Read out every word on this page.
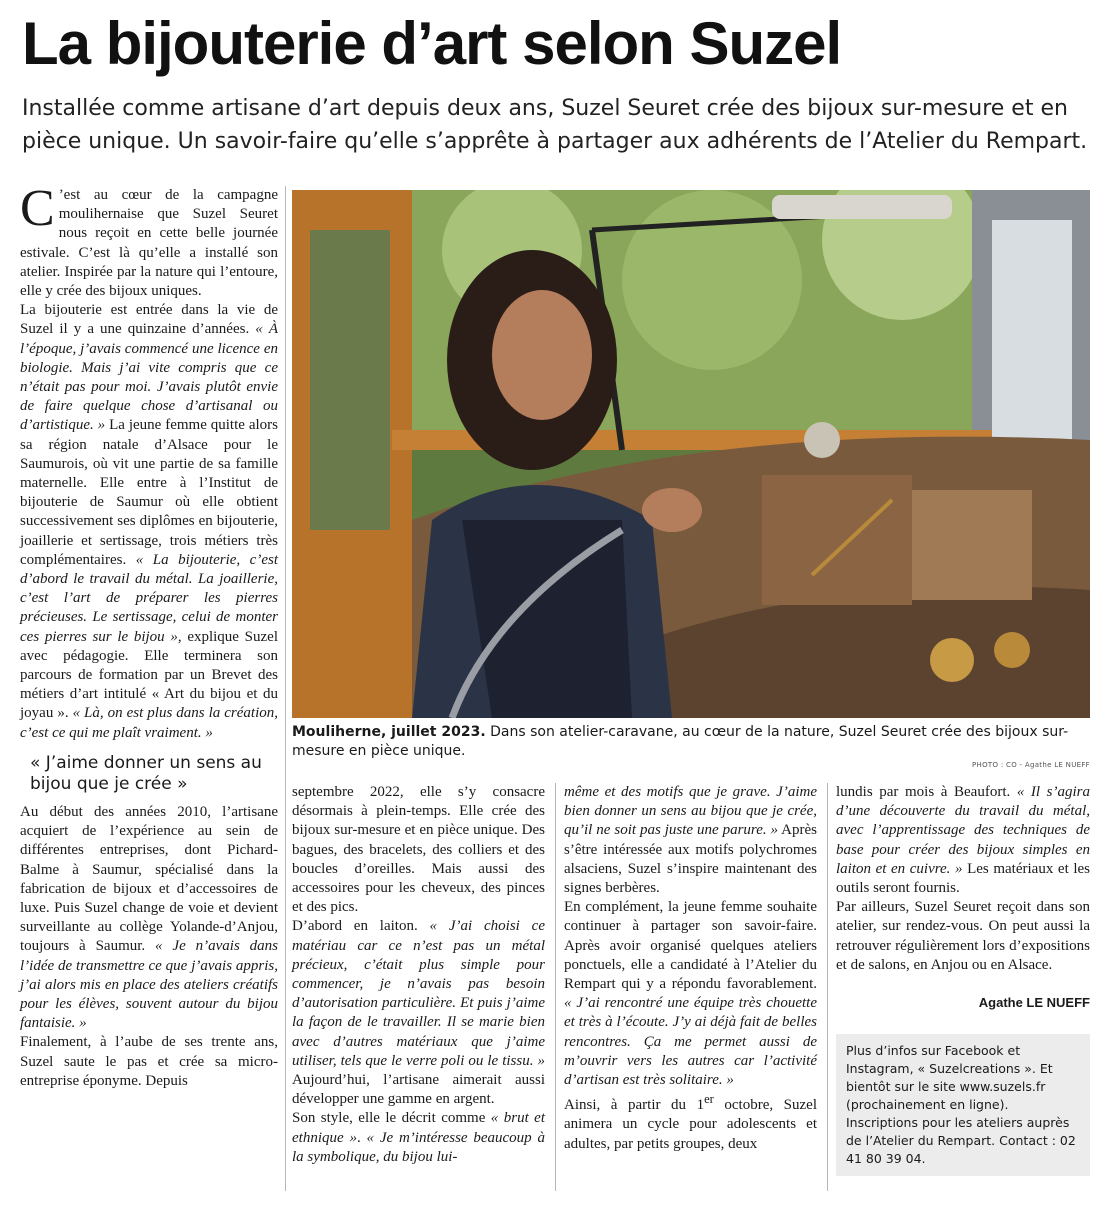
La bijouterie d’art selon Suzel
Installée comme artisane d’art depuis deux ans, Suzel Seuret crée des bijoux sur-mesure et en pièce unique. Un savoir-faire qu’elle s’apprête à partager aux adhérents de l’Atelier du Rempart.

C ’est au cœur de la campagne moulihernaise que Suzel Seuret nous reçoit en cette belle journée estivale. C’est là qu’elle a installé son atelier. Inspirée par la nature qui l’entoure, elle y crée des bijoux uniques.

La bijouterie est entrée dans la vie de Suzel il y a une quinzaine d’années. « À l’époque, j’avais commencé une licence en biologie. Mais j’ai vite compris que ce n’était pas pour moi. J’avais plutôt envie de faire quelque chose d’artisanal ou d’artistique. » La jeune femme quitte alors sa région natale d’Alsace pour le Saumurois, où vit une partie de sa famille maternelle. Elle entre à l’Institut de bijouterie de Saumur où elle obtient successivement ses diplômes en bijouterie, joaillerie et sertissage, trois métiers très complémentaires. « La bijouterie, c’est d’abord le travail du métal. La joaillerie, c’est l’art de préparer les pierres précieuses. Le sertissage, celui de monter ces pierres sur le bijou », explique Suzel avec pédagogie. Elle terminera son parcours de formation par un Brevet des métiers d’art intitulé « Art du bijou et du joyau ». « Là, on est plus dans la création, c’est ce qui me plaît vraiment. »

« J’aime donner un sens au bijou que je crée »

Au début des années 2010, l’artisane acquiert de l’expérience au sein de différentes entreprises, dont Pichard-Balme à Saumur, spécialisé dans la fabrication de bijoux et d’accessoires de luxe. Puis Suzel change de voie et devient surveillante au collège Yolande-d’Anjou, toujours à Saumur. « Je n’avais dans l’idée de transmettre ce que j’avais appris, j’ai alors mis en place des ateliers créatifs pour les élèves, souvent autour du bijou fantaisie. »

Finalement, à l’aube de ses trente ans, Suzel saute le pas et crée sa micro-entreprise éponyme. Depuis

Mouliherne, juillet 2023. Dans son atelier-caravane, au cœur de la nature, Suzel Seuret crée des bijoux sur-mesure en pièce unique.
PHOTO : CO - Agathe LE NUEFF

septembre 2022, elle s’y consacre désormais à plein-temps. Elle crée des bijoux sur-mesure et en pièce unique. Des bagues, des bracelets, des colliers et des boucles d’oreilles. Mais aussi des accessoires pour les cheveux, des pinces et des pics.

D’abord en laiton. « J’ai choisi ce matériau car ce n’est pas un métal précieux, c’était plus simple pour commencer, je n’avais pas besoin d’autorisation particulière. Et puis j’aime la façon de le travailler. Il se marie bien avec d’autres matériaux que j’aime utiliser, tels que le verre poli ou le tissu. » Aujourd’hui, l’artisane aimerait aussi développer une gamme en argent.

Son style, elle le décrit comme « brut et ethnique ». « Je m’intéresse beaucoup à la symbolique, du bijou lui-

même et des motifs que je grave. J’aime bien donner un sens au bijou que je crée, qu’il ne soit pas juste une parure. » Après s’être intéressée aux motifs polychromes alsaciens, Suzel s’inspire maintenant des signes berbères.

En complément, la jeune femme souhaite continuer à partager son savoir-faire. Après avoir organisé quelques ateliers ponctuels, elle a candidaté à l’Atelier du Rempart qui y a répondu favorablement. « J’ai rencontré une équipe très chouette et très à l’écoute. J’y ai déjà fait de belles rencontres. Ça me permet aussi de m’ouvrir vers les autres car l’activité d’artisan est très solitaire. »

Ainsi, à partir du 1er octobre, Suzel animera un cycle pour adolescents et adultes, par petits groupes, deux

lundis par mois à Beaufort. « Il s’agira d’une découverte du travail du métal, avec l’apprentissage des techniques de base pour créer des bijoux simples en laiton et en cuivre. » Les matériaux et les outils seront fournis.

Par ailleurs, Suzel Seuret reçoit dans son atelier, sur rendez-vous. On peut aussi la retrouver régulièrement lors d’expositions et de salons, en Anjou ou en Alsace.

Agathe LE NUEFF

Plus d’infos sur Facebook et Instagram, « Suzelcreations ». Et bientôt sur le site www.suzels.fr (prochainement en ligne). Inscriptions pour les ateliers auprès de l’Atelier du Rempart. Contact : 02 41 80 39 04.
